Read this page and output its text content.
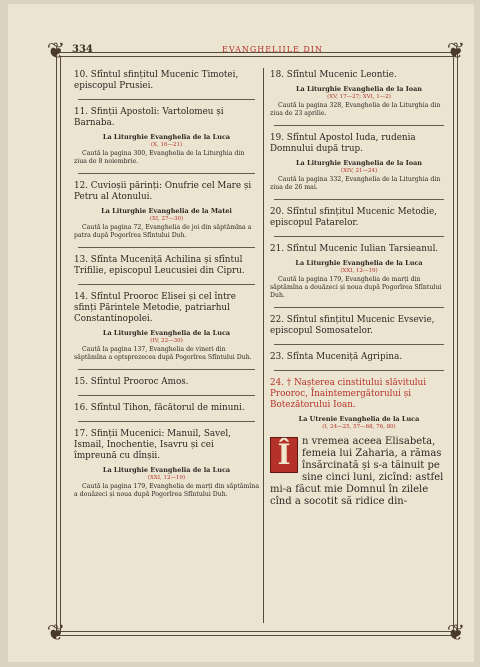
❦	❦
❦	❦
334	EVANGHELIILE DIN

10. Sfîntul sfințitul Mucenic Timotei, episcopul Prusiei.

11. Sfinții Apostoli: Vartolomeu și Barnaba.

La Liturghie Evanghelia de la Luca

(X, 16—21)

Caută la pagina 300, Evanghelia de la Liturghia din ziua de 8 noiembrie.

12. Cuvioșii părinți: Onufrie cel Mare și Petru al Atonului.

La Liturghie Evanghelia de la Matei

(XI, 27—30)

Caută la pagina 72, Evanghelia de joi din săptămîna a patra după Pogorîrea Sfîntului Duh.

13. Sfînta Muceniță Achilina și sfîntul Trifilie, episcopul Leucusiei din Cipru.

14. Sfîntul Prooroc Elisei și cel între sfinți Părintele Metodie, patriarhul Constantinopolei.

La Liturghie Evanghelia de la Luca

(IV, 22—30)

Caută la pagina 137, Evanghelia de vineri din săptămîna a optsprezecea după Pogorîrea Sfîntului Duh.

15. Sfîntul Prooroc Amos.

16. Sfîntul Tihon, făcătorul de minuni.

17. Sfinții Mucenici: Manuil, Savel, Ismail, Inochentie, Isavru și cei împreună cu dînșii.

La Liturghie Evanghelia de la Luca

(XXI, 12—19)

Caută la pagina 179, Evanghelia de marți din săptămîna a douăzeci și noua după Pogorîrea Sfîntului Duh.

18. Sfîntul Mucenic Leontie.

La Liturghie Evanghelia de la Ioan

(XV, 17—27; XVI, 1—2)

Caută la pagina 328, Evanghelia de la Liturghia din ziua de 23 aprilie.

19. Sfîntul Apostol Iuda, rudenia Domnului după trup.

La Liturghie Evanghelia de la Ioan

(XIV, 21—24)

Caută la pagina 332, Evanghelia de la Liturghia din ziua de 26 mai.

20. Sfîntul sfințitul Mucenic Metodie, episcopul Patarelor.

21. Sfîntul Mucenic Iulian Tarsieanul.

La Liturghie Evanghelia de la Luca

(XXI, 12—19)

Caută la pagina 179, Evanghelia de marți din săptămîna a douăzeci și noua după Pogorîrea Sfîntului Duh.

22. Sfîntul sfințitul Mucenic Evsevie, episcopul Somosatelor.

23. Sfînta Muceniță Agripina.

24. † Nașterea cinstitului slăvitului Prooroc, Înaintemergătorului și Botezătorului Ioan.

La Utrenie Evanghelia de la Luca

(I, 24—25, 57—68, 76, 80)

Î	n vremea aceea Elisabeta, femeia lui Zaharia, a rămas însărcinată și s-a tăinuit pe sine cinci luni, zicînd: astfel mi-a făcut mie Domnul în zilele cînd a socotit să ridice din-
